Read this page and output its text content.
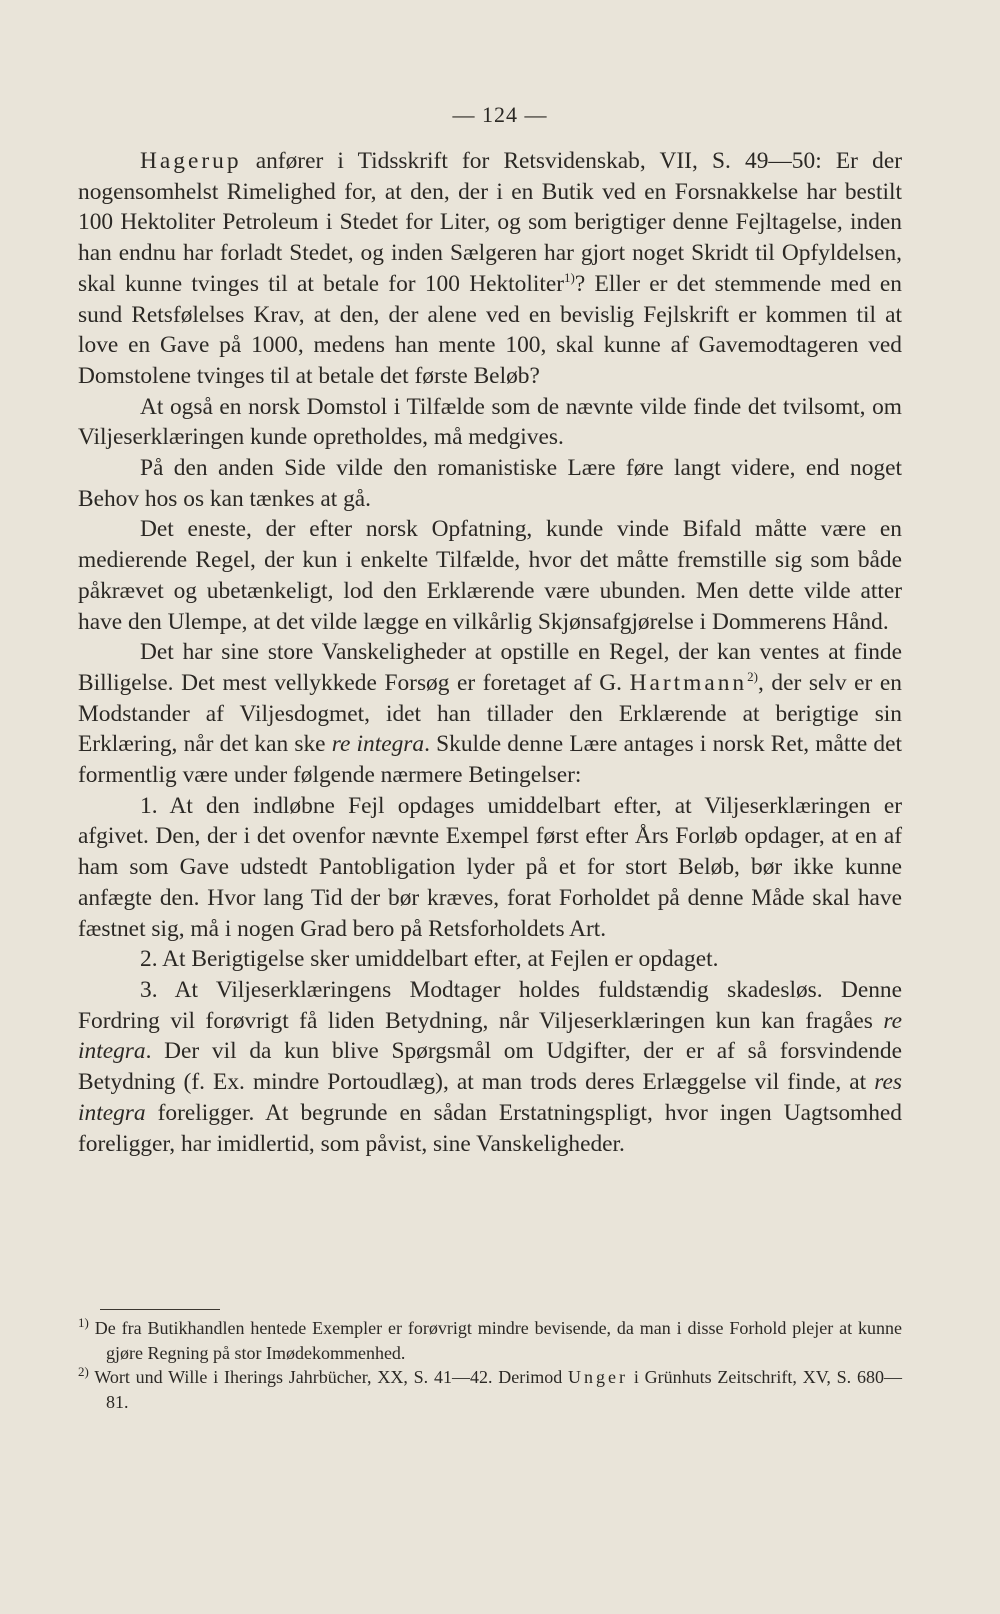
— 124 —

Hagerup anfører i Tidsskrift for Retsvidenskab, VII, S. 49—50: Er der nogensomhelst Rimelighed for, at den, der i en Butik ved en Forsnakkelse har bestilt 100 Hektoliter Petroleum i Stedet for Liter, og som berigtiger denne Fejltagelse, inden han endnu har forladt Stedet, og inden Sælgeren har gjort noget Skridt til Opfyldelsen, skal kunne tvinges til at betale for 100 Hektoliter$^{1)}$? Eller er det stemmende med en sund Retsfølelses Krav, at den, der alene ved en bevislig Fejlskrift er kommen til at love en Gave på 1000, medens han mente 100, skal kunne af Gavemodtageren ved Domstolene tvinges til at betale det første Beløb?

At også en norsk Domstol i Tilfælde som de nævnte vilde finde det tvilsomt, om Viljeserklæringen kunde opretholdes, må medgives.

På den anden Side vilde den romanistiske Lære føre langt videre, end noget Behov hos os kan tænkes at gå.

Det eneste, der efter norsk Opfatning, kunde vinde Bifald måtte være en medierende Regel, der kun i enkelte Tilfælde, hvor det måtte fremstille sig som både påkrævet og ubetænkeligt, lod den Erklærende være ubunden. Men dette vilde atter have den Ulempe, at det vilde lægge en vilkårlig Skjønsafgjørelse i Dommerens Hånd.

Det har sine store Vanskeligheder at opstille en Regel, der kan ventes at finde Billigelse. Det mest vellykkede Forsøg er foretaget af G. Hartmann$^{2)}$, der selv er en Modstander af Viljesdogmet, idet han tillader den Erklærende at berigtige sin Erklæring, når det kan ske re integra. Skulde denne Lære antages i norsk Ret, måtte det formentlig være under følgende nærmere Betingelser:

1. At den indløbne Fejl opdages umiddelbart efter, at Viljeserklæringen er afgivet. Den, der i det ovenfor nævnte Exempel først efter Års Forløb opdager, at en af ham som Gave udstedt Pantobligation lyder på et for stort Beløb, bør ikke kunne anfægte den. Hvor lang Tid der bør kræves, forat Forholdet på denne Måde skal have fæstnet sig, må i nogen Grad bero på Retsforholdets Art.

2. At Berigtigelse sker umiddelbart efter, at Fejlen er opdaget.

3. At Viljeserklæringens Modtager holdes fuldstændig skadesløs. Denne Fordring vil forøvrigt få liden Betydning, når Viljeserklæringen kun kan fragåes re integra. Der vil da kun blive Spørgsmål om Udgifter, der er af så forsvindende Betydning (f. Ex. mindre Portoudlæg), at man trods deres Erlæggelse vil finde, at res integra foreligger. At begrunde en sådan Erstatningspligt, hvor ingen Uagtsomhed foreligger, har imidlertid, som påvist, sine Vanskeligheder.

$^{1)}$ De fra Butikhandlen hentede Exempler er forøvrigt mindre bevisende, da man i disse Forhold plejer at kunne gjøre Regning på stor Imødekommenhed.

$^{2)}$ Wort und Wille i Iherings Jahrbücher, XX, S. 41—42. Derimod Unger i Grünhuts Zeitschrift, XV, S. 680—81.
